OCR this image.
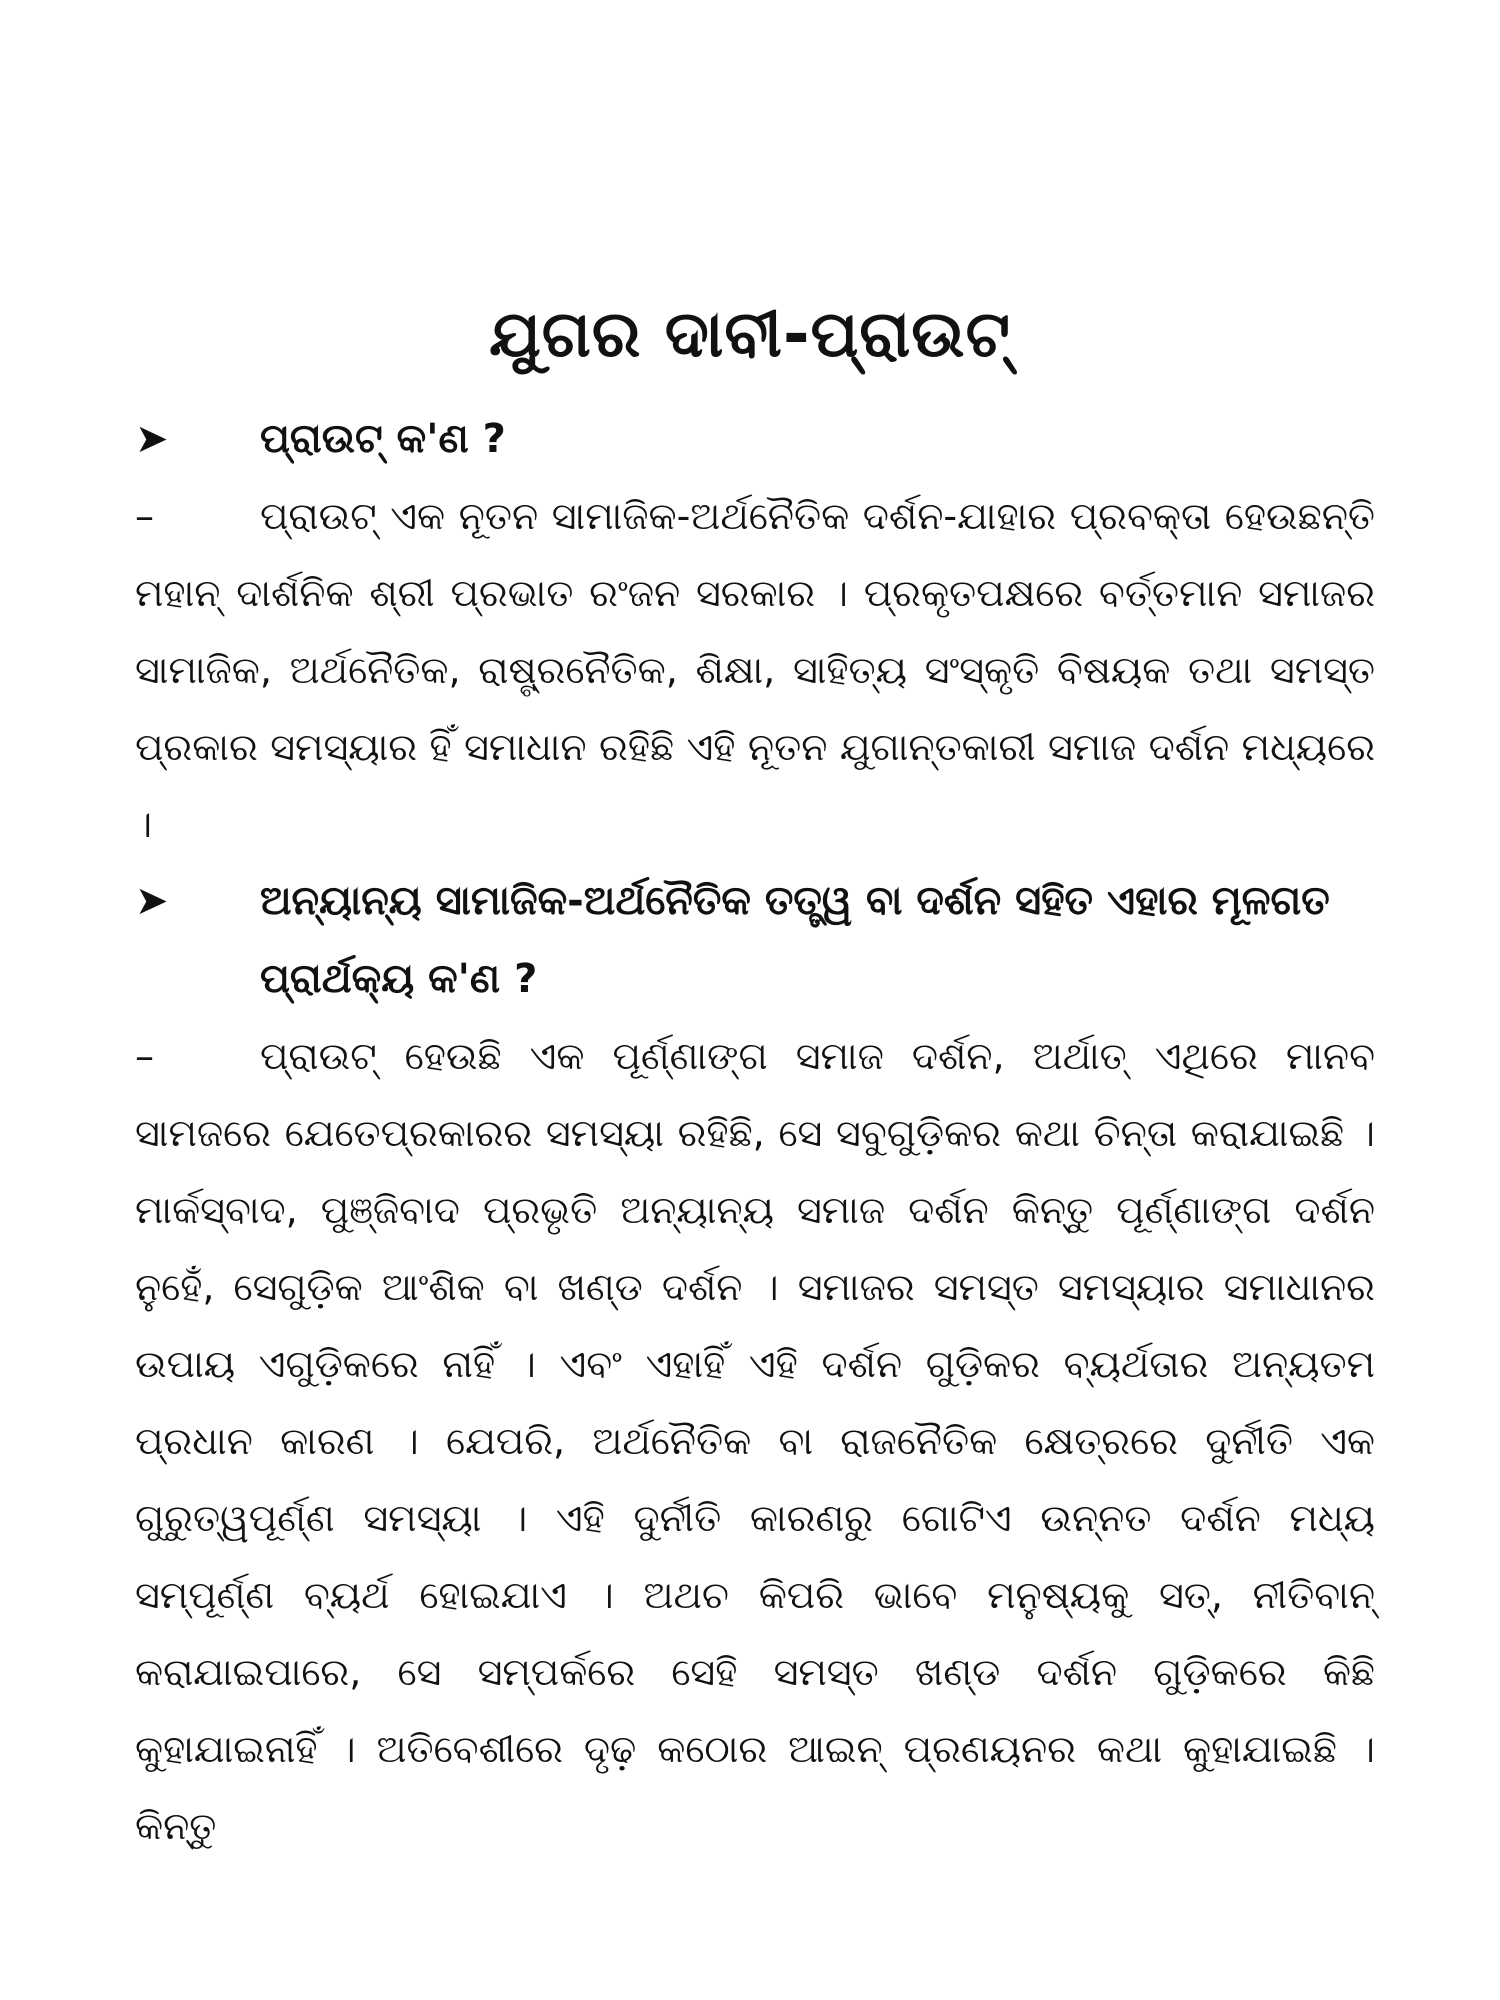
ଯୁଗର ଦାବୀ-ପ୍ରାଉଟ୍
➤	ପ୍ରାଉଟ୍ କ'ଣ ?
–	ପ୍ରାଉଟ୍ ଏକ ନୂତନ ସାମାଜିକ-ଅର୍ଥନୈତିକ ଦର୍ଶନ-ଯାହାର ପ୍ରବକ୍ତା ହେଉଛନ୍ତି ମହାନ୍ ଦାର୍ଶନିକ ଶ୍ରୀ ପ୍ରଭାତ ରଂଜନ ସରକାର । ପ୍ରକୃତପକ୍ଷରେ ବର୍ତ୍ତମାନ ସମାଜର ସାମାଜିକ, ଅର୍ଥନୈତିକ, ରାଷ୍ଟ୍ରନୈତିକ, ଶିକ୍ଷା, ସାହିତ୍ୟ ସଂସ୍କୃତି ବିଷୟକ ତଥା ସମସ୍ତ ପ୍ରକାର ସମସ୍ୟାର ହିଁ ସମାଧାନ ରହିଛି ଏହି ନୂତନ ଯୁଗାନ୍ତକାରୀ ସମାଜ ଦର୍ଶନ ମଧ୍ୟରେ ।
➤	ଅନ୍ୟାନ୍ୟ ସାମାଜିକ-ଅର୍ଥନୈତିକ ତତ୍ତ୍ୱ ବା ଦର୍ଶନ ସହିତ ଏହାର ମୂଳଗତ ପ୍ରାର୍ଥକ୍ୟ କ'ଣ ?
–	ପ୍ରାଉଟ୍ ହେଉଛି ଏକ ପୂର୍ଣ୍ଣାଙ୍ଗ ସମାଜ ଦର୍ଶନ, ଅର୍ଥାତ୍ ଏଥିରେ ମାନବ ସାମଜରେ ଯେତେପ୍ରକାରର ସମସ୍ୟା ରହିଛି, ସେ ସବୁଗୁଡ଼ିକର କଥା ଚିନ୍ତା କରାଯାଇଛି । ମାର୍କସ୍‌ବାଦ, ପୁଞ୍ଜିବାଦ ପ୍ରଭୃତି ଅନ୍ୟାନ୍ୟ ସମାଜ ଦର୍ଶନ କିନ୍ତୁ ପୂର୍ଣ୍ଣାଙ୍ଗ ଦର୍ଶନ ନୁହେଁ, ସେଗୁଡ଼ିକ ଆଂଶିକ ବା ଖଣ୍ଡ ଦର୍ଶନ । ସମାଜର ସମସ୍ତ ସମସ୍ୟାର ସମାଧାନର ଉପାୟ ଏଗୁଡ଼ିକରେ ନାହିଁ । ଏବଂ ଏହାହିଁ ଏହି ଦର୍ଶନ ଗୁଡ଼ିକର ବ୍ୟର୍ଥତାର ଅନ୍ୟତମ ପ୍ରଧାନ କାରଣ । ଯେପରି, ଅର୍ଥନୈତିକ ବା ରାଜନୈତିକ କ୍ଷେତ୍ରରେ ଦୁର୍ନୀତି ଏକ ଗୁରୁତ୍ୱପୂର୍ଣ୍ଣ ସମସ୍ୟା । ଏହି ଦୁର୍ନୀତି କାରଣରୁ ଗୋଟିଏ ଉନ୍ନତ ଦର୍ଶନ ମଧ୍ୟ ସମ୍ପୂର୍ଣ୍ଣ ବ୍ୟର୍ଥ ହୋଇଯାଏ । ଅଥଚ କିପରି ଭାବେ ମନୁଷ୍ୟକୁ ସତ୍, ନୀତିବାନ୍ କରାଯାଇପାରେ, ସେ ସମ୍ପର୍କରେ ସେହି ସମସ୍ତ ଖଣ୍ଡ ଦର୍ଶନ ଗୁଡ଼ିକରେ କିଛି କୁହାଯାଇନାହିଁ । ଅତିବେଶୀରେ ଦୃଢ଼ କଠୋର ଆଇନ୍ ପ୍ରଣୟନର କଥା କୁହାଯାଇଛି । କିନ୍ତୁ
